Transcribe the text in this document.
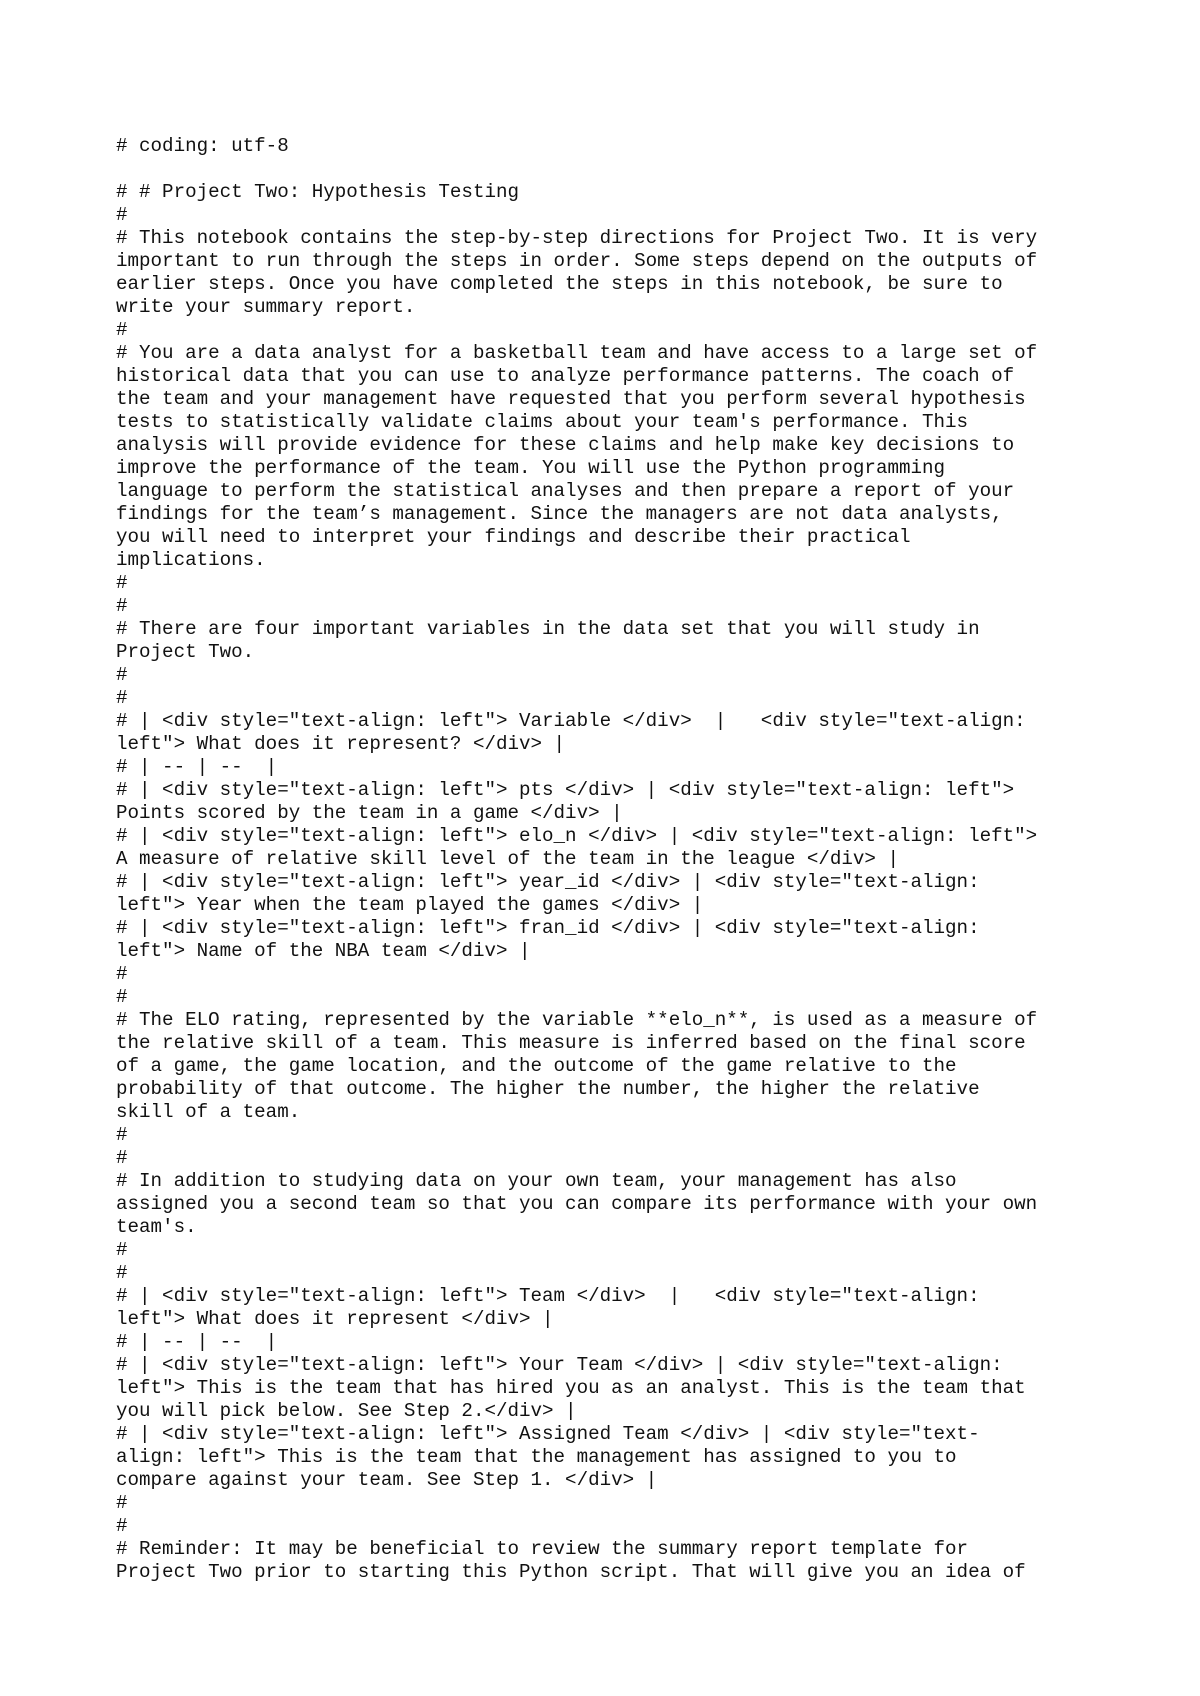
# coding: utf-8
# # Project Two: Hypothesis Testing
#
# This notebook contains the step-by-step directions for Project Two. It is very
important to run through the steps in order. Some steps depend on the outputs of
earlier steps. Once you have completed the steps in this notebook, be sure to
write your summary report.
#
# You are a data analyst for a basketball team and have access to a large set of
historical data that you can use to analyze performance patterns. The coach of
the team and your management have requested that you perform several hypothesis
tests to statistically validate claims about your team's performance. This
analysis will provide evidence for these claims and help make key decisions to
improve the performance of the team. You will use the Python programming
language to perform the statistical analyses and then prepare a report of your
findings for the team’s management. Since the managers are not data analysts,
you will need to interpret your findings and describe their practical
implications.
#
#
# There are four important variables in the data set that you will study in
Project Two.
#
#
# | <div style="text-align: left"> Variable </div>  |   <div style="text-align:
left"> What does it represent? </div> |
# | -- | --  |
# | <div style="text-align: left"> pts </div> | <div style="text-align: left">
Points scored by the team in a game </div> |
# | <div style="text-align: left"> elo_n </div> | <div style="text-align: left">
A measure of relative skill level of the team in the league </div> |
# | <div style="text-align: left"> year_id </div> | <div style="text-align:
left"> Year when the team played the games </div> |
# | <div style="text-align: left"> fran_id </div> | <div style="text-align:
left"> Name of the NBA team </div> |
#
#
# The ELO rating, represented by the variable **elo_n**, is used as a measure of
the relative skill of a team. This measure is inferred based on the final score
of a game, the game location, and the outcome of the game relative to the
probability of that outcome. The higher the number, the higher the relative
skill of a team.
#
#
# In addition to studying data on your own team, your management has also
assigned you a second team so that you can compare its performance with your own
team's.
#
#
# | <div style="text-align: left"> Team </div>  |   <div style="text-align:
left"> What does it represent </div> |
# | -- | --  |
# | <div style="text-align: left"> Your Team </div> | <div style="text-align:
left"> This is the team that has hired you as an analyst. This is the team that
you will pick below. See Step 2.</div> |
# | <div style="text-align: left"> Assigned Team </div> | <div style="text-
align: left"> This is the team that the management has assigned to you to
compare against your team. See Step 1. </div> |
#
#
# Reminder: It may be beneficial to review the summary report template for
Project Two prior to starting this Python script. That will give you an idea of
